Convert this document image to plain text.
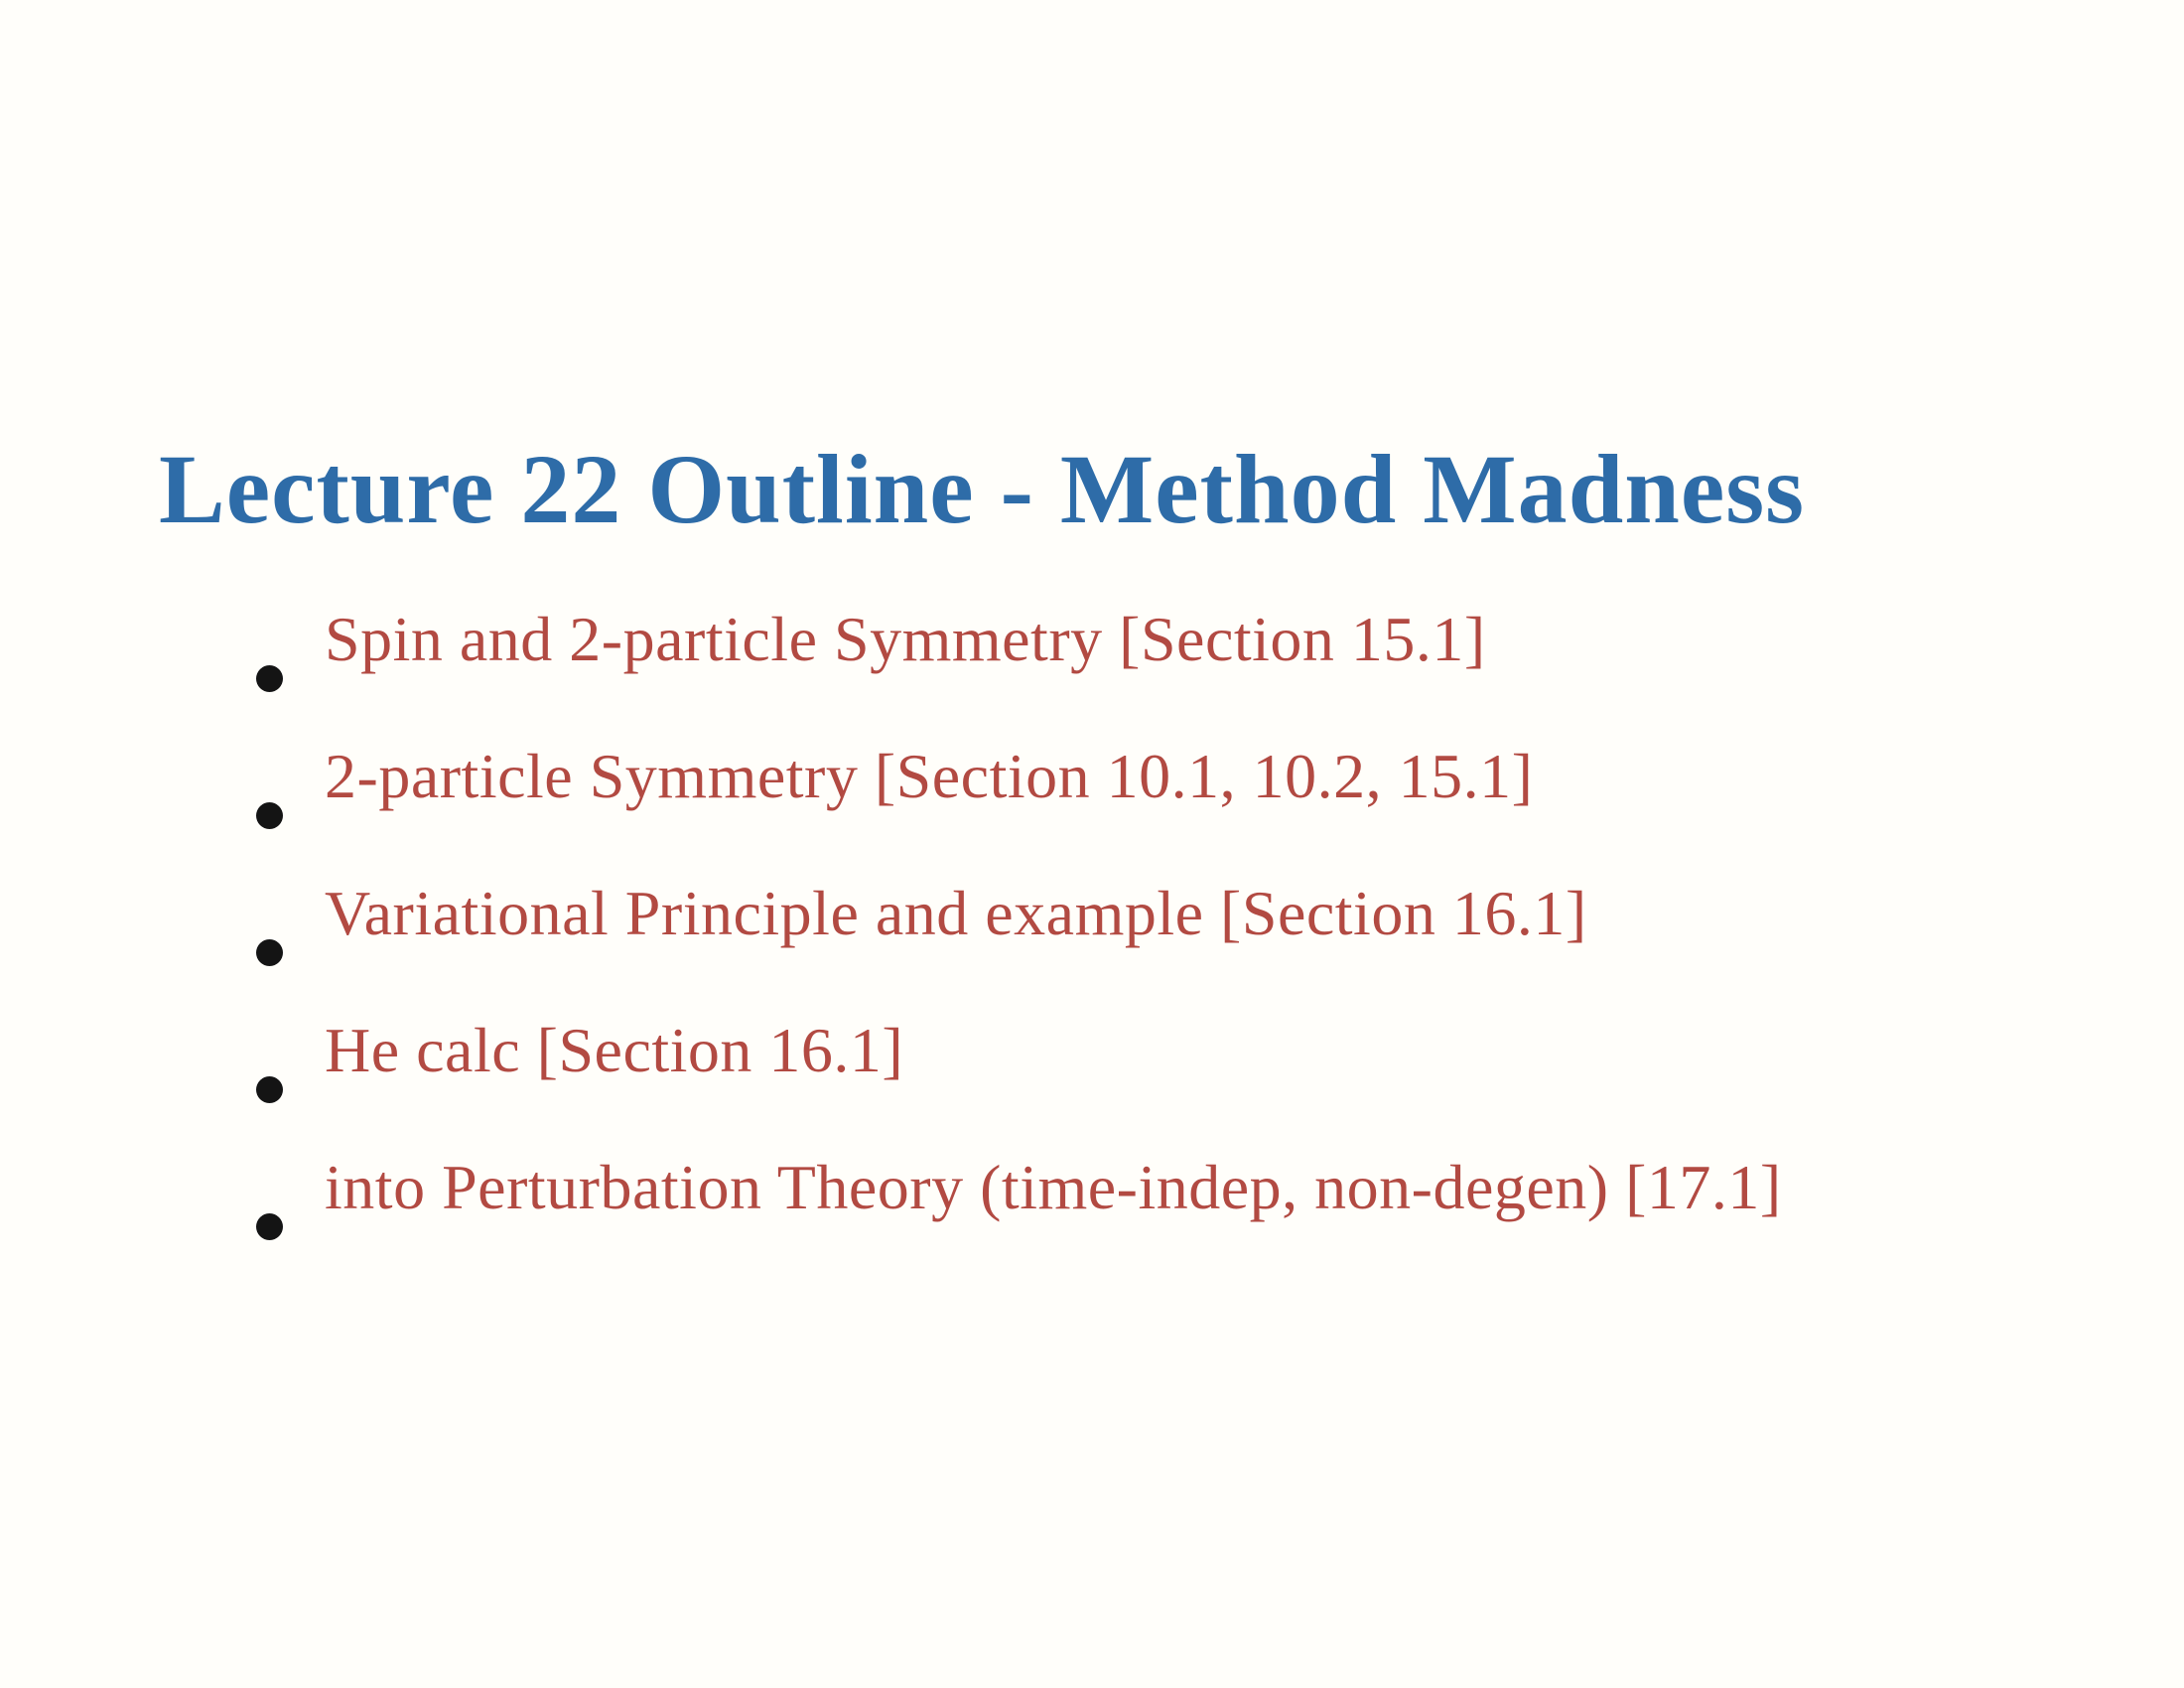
Lecture 22 Outline - Method Madness
Spin and 2-particle Symmetry [Section 15.1]
2-particle Symmetry [Section 10.1, 10.2, 15.1]
Variational Principle and example [Section 16.1]
He calc [Section 16.1]
into Perturbation Theory (time-indep, non-degen) [17.1]
